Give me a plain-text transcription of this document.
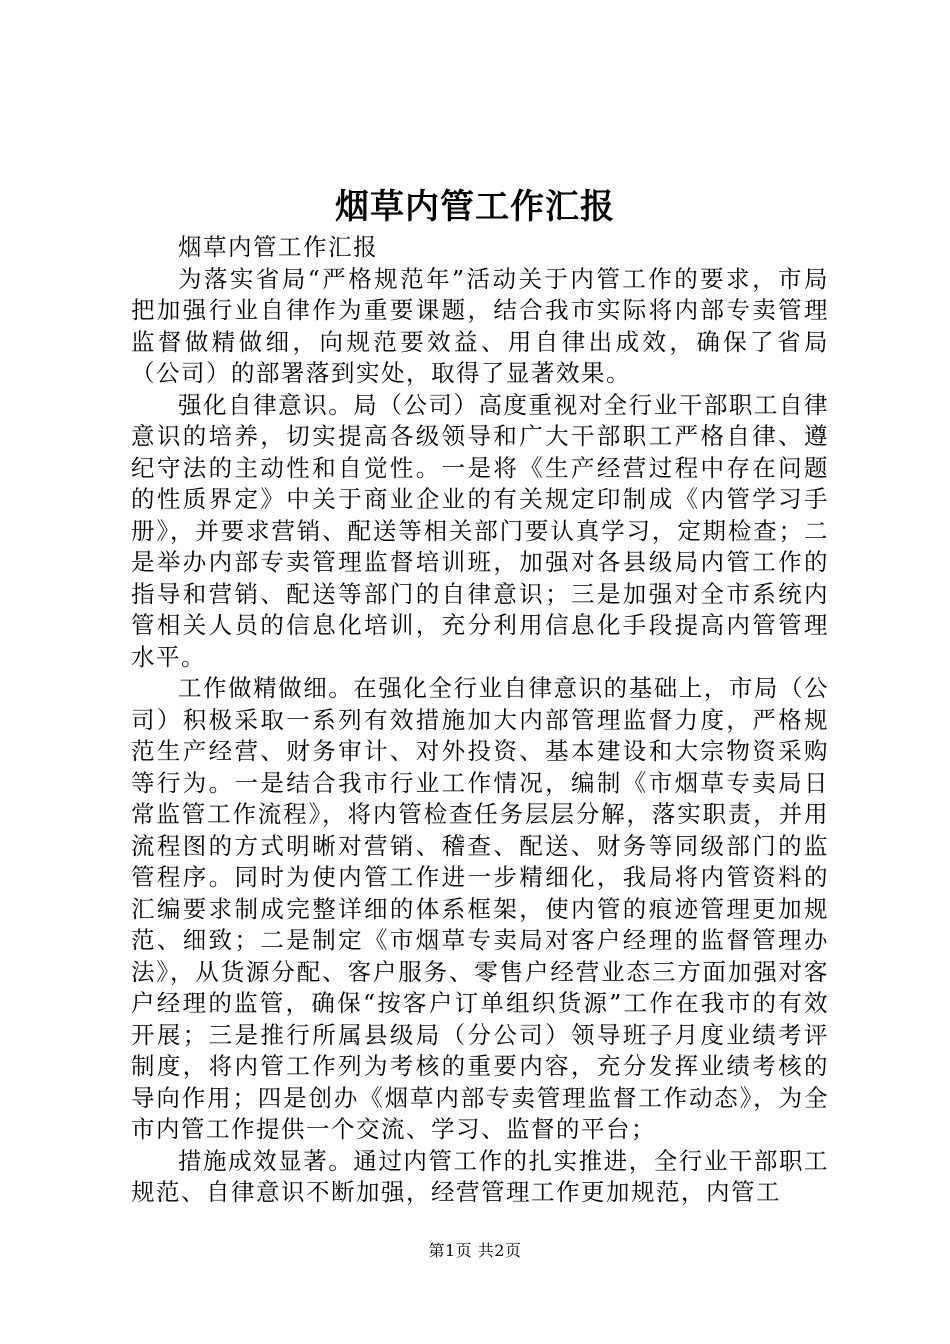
烟草内管工作汇报

烟草内管工作汇报

为落实省局“严格规范年”活动关于内管工作的要求，市局把加强行业自律作为重要课题，结合我市实际将内部专卖管理监督做精做细，向规范要效益、用自律出成效，确保了省局（公司）的部署落到实处，取得了显著效果。

强化自律意识。局（公司）高度重视对全行业干部职工自律意识的培养，切实提高各级领导和广大干部职工严格自律、遵纪守法的主动性和自觉性。一是将《生产经营过程中存在问题的性质界定》中关于商业企业的有关规定印制成《内管学习手册》，并要求营销、配送等相关部门要认真学习，定期检查；二是举办内部专卖管理监督培训班，加强对各县级局内管工作的指导和营销、配送等部门的自律意识；三是加强对全市系统内管相关人员的信息化培训，充分利用信息化手段提高内管管理水平。

工作做精做细。在强化全行业自律意识的基础上，市局（公司）积极采取一系列有效措施加大内部管理监督力度，严格规范生产经营、财务审计、对外投资、基本建设和大宗物资采购等行为。一是结合我市行业工作情况，编制《市烟草专卖局日常监管工作流程》，将内管检查任务层层分解，落实职责，并用流程图的方式明晰对营销、稽查、配送、财务等同级部门的监管程序。同时为使内管工作进一步精细化，我局将内管资料的汇编要求制成完整详细的体系框架，使内管的痕迹管理更加规范、细致；二是制定《市烟草专卖局对客户经理的监督管理办法》，从货源分配、客户服务、零售户经营业态三方面加强对客户经理的监管，确保“按客户订单组织货源”工作在我市的有效开展；三是推行所属县级局（分公司）领导班子月度业绩考评制度，将内管工作列为考核的重要内容，充分发挥业绩考核的导向作用；四是创办《烟草内部专卖管理监督工作动态》，为全市内管工作提供一个交流、学习、监督的平台；

措施成效显著。通过内管工作的扎实推进，全行业干部职工规范、自律意识不断加强，经营管理工作更加规范，内管工

第1页 共2页
